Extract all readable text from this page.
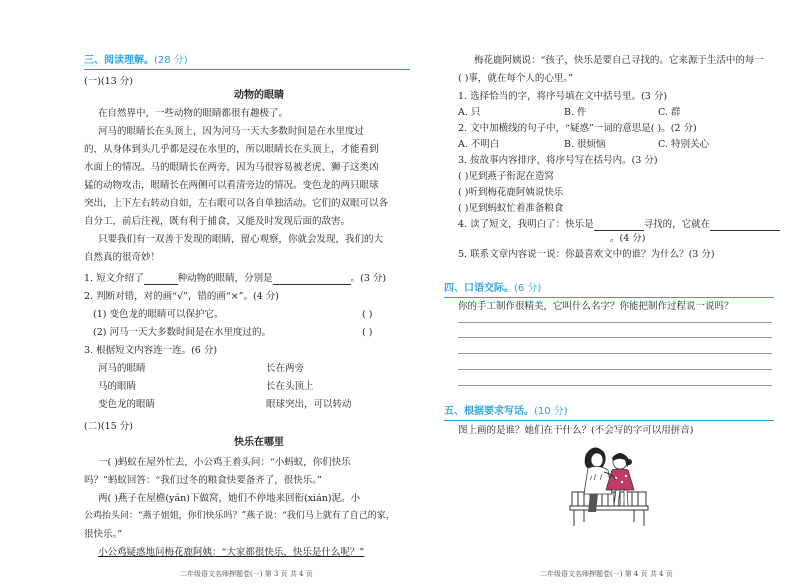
三、阅读理解。(28 分)
(一)(13 分)
动物的眼睛
在自然界中，一些动物的眼睛都很有趣极了。
河马的眼睛长在头顶上，因为河马一天大多数时间是在水里度过
的，从身体到头几乎都是浸在水里的，所以眼睛长在头顶上，才能看到
水面上的情况。马的眼睛长在两旁，因为马很容易被老虎、狮子这类凶
猛的动物攻击，眼睛长在两侧可以看清旁边的情况。变色龙的两只眼球
突出，上下左右转动自如，左右眼可以各自单独活动。它们的双眼可以各
自分工，前后注视，既有利于捕食，又能及时发现后面的敌害。
只要我们有一双善于发现的眼睛，留心观察，你就会发现，我们的大
自然真的很奇妙！
1. 短文介绍了	种动物的眼睛，分别是	。(3 分)
2. 判断对错，对的画“√”，错的画“×”。(4 分)
(1) 变色龙的眼睛可以保护它。	( )
(2) 河马一天大多数时间是在水里度过的。	( )
3. 根据短文内容连一连。(6 分)
河马的眼睛	长在两旁
马的眼睛	长在头顶上
变色龙的眼睛	眼球突出，可以转动
(二)(15 分)
快乐在哪里
一( )蚂蚁在屋外忙去，小公鸡王着头问：“小蚂蚁，你们快乐
吗？”蚂蚁回答：“我们过冬的粮食快要备齐了，很快乐。”
两( )燕子在屋檐(yán)下做窝，她们不停地来回衔(xián)泥。小
公鸡抬头问：“燕子姐姐，你们快乐吗？”燕子说：“我们马上就有了自己的家，
很快乐。”
小公鸡疑惑地问梅花鹿阿姨：“大家都很快乐，快乐是什么呢？”
二年级语文名师押题卷(一) 第 3 页 共 4 页
梅花鹿阿姨说：“孩子，快乐是要自己寻找的。它来源于生活中的每一
( )事，就在每个人的心里。”
1. 选择恰当的字，将序号填在文中括号里。(3 分)
A. 只	B. 件	C. 群
2. 文中加横线的句子中，“疑惑”一词的意思是( )。(2 分)
A. 不明白	B. 很烦恼	C. 特别关心
3. 按故事内容排序，将序号写在括号内。(3 分)
( )见到燕子衔泥在造窝
( )听到梅花鹿阿姨说快乐
( )见到蚂蚁忙着准备粮食
4. 读了短文，我明白了：快乐是	寻找的，它就在
。(4 分)
5. 联系文章内容说一说：你最喜欢文中的谁？为什么？(3 分)
四、口语交际。(6 分)
你的手工制作很精美，它叫什么名字？你能把制作过程说一说吗？
五、根据要求写话。(10 分)
图上画的是谁？她们在干什么？(不会写的字可以用拼音)
二年级语文名师押题卷(一) 第 4 页 共 4 页
